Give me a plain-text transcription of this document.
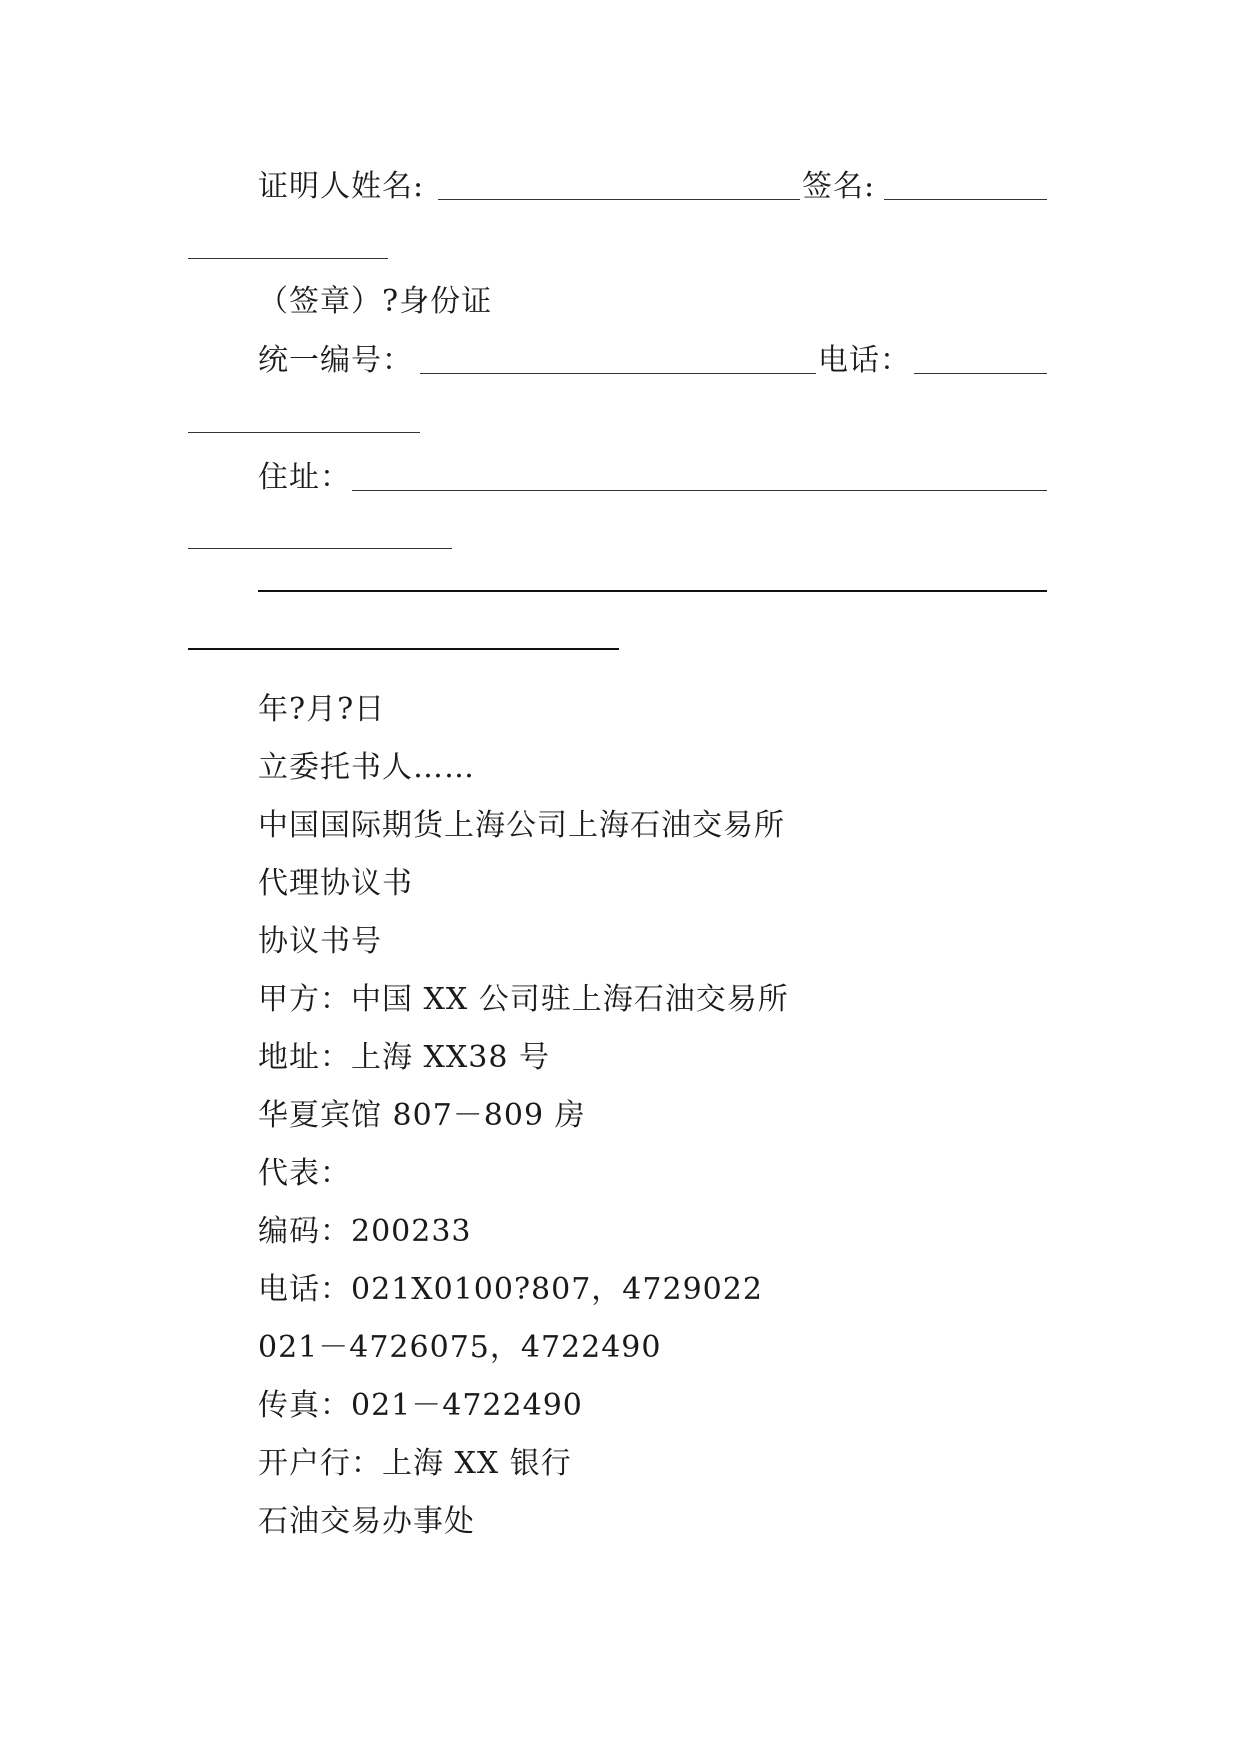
证明人姓名:	签名:
（签章）?身份证
统一编号：	电话：
住址：
年?月?日
立委托书人……
中国国际期货上海公司上海石油交易所
代理协议书
协议书号
甲方：中国 XX 公司驻上海石油交易所
地址：上海 XX38 号
华夏宾馆 807－809 房
代表：
编码：200233
电话：021X0100?807，4729022
021－4726075，4722490
传真：021－4722490
开户行：上海 XX 银行
石油交易办事处
